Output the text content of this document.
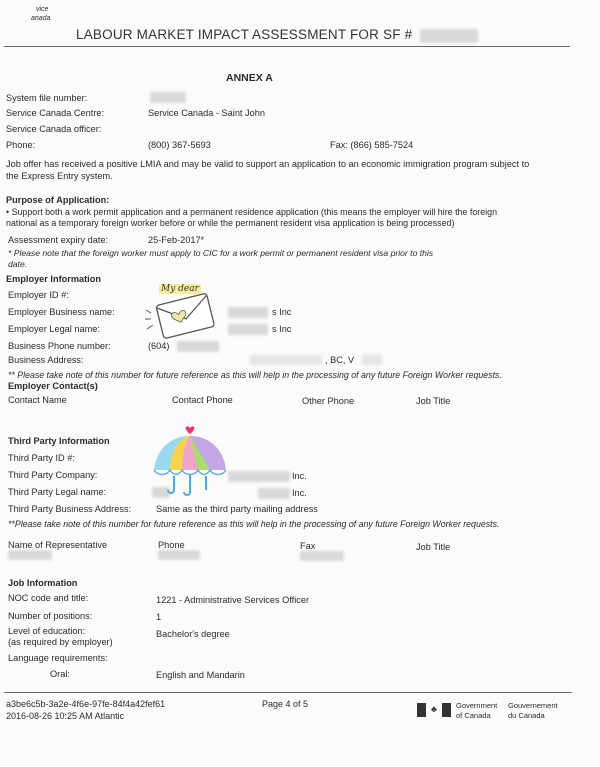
vice
anada
LABOUR MARKET IMPACT ASSESSMENT FOR SF #
ANNEX A
System file number:
Service Canada Centre:	Service Canada - Saint John
Service Canada officer:
Phone:	(800) 367-5693	Fax: (866) 585-7524
Job offer has received a positive LMIA and may be valid to support an application to an economic immigration program subject to
the Express Entry system.
Purpose of Application:
• Support both a work permit application and a permanent residence application (this means the employer will hire the foreign
national as a temporary foreign worker before or while the permanent resident visa application is being processed)
Assessment expiry date:	25-Feb-2017*
* Please note that the foreign worker must apply to CIC for a work permit or permanent resident visa prior to this
date.
Employer Information
Employer ID #:
Employer Business name:	s Inc
Employer Legal name:	s Inc
Business Phone number:	(604)
Business Address:	, BC, V
** Please take note of this number for future reference as this will help in the processing of any future Foreign Worker requests.
Employer Contact(s)
Contact Name	Contact Phone	Other Phone	Job Title
My dear
Third Party Information
Third Party ID #:
Third Party Company:	Inc.
Third Party Legal name:	Inc.
Third Party Business Address:	Same as the third party mailing address
**Please take note of this number for future reference as this will help in the processing of any future Foreign Worker requests.
Name of Representative	Phone	Fax	Job Title
Job Information
NOC code and title:	1221 - Administrative Services Officer
Number of positions:	1
Level of education:
(as required by employer)
Bachelor's degree
Language requirements:
Oral:	English and Mandarin
a3be6c5b-3a2e-4f6e-97fe-84f4a42fef61
2016-08-26 10:25 AM Atlantic
Page 4 of 5	♣	Government
of Canada
Gouvernement
du Canada
